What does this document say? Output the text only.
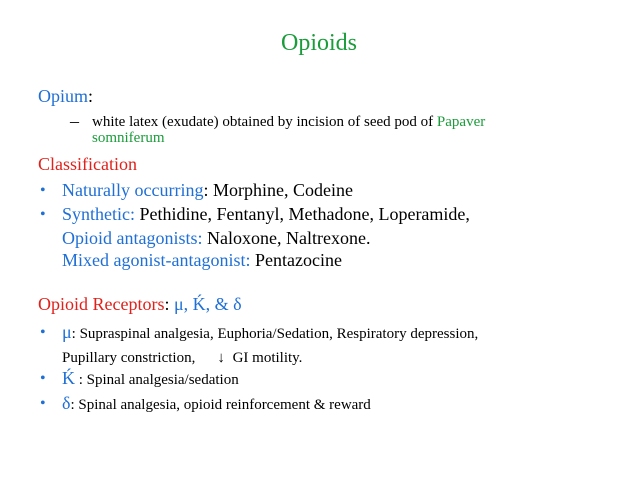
Opioids
Opium:
– white latex (exudate) obtained by incision of seed pod of Papaver
somniferum
Classification
• Naturally occurring: Morphine, Codeine
• Synthetic: Pethidine, Fentanyl, Methadone, Loperamide,
Opioid antagonists: Naloxone, Naltrexone.
Mixed agonist-antagonist: Pentazocine
Opioid Receptors: μ, Ḱ, & δ
• μ: Supraspinal analgesia, Euphoria/Sedation, Respiratory depression,
Pupillary constriction, ↓ GI motility.
• Ḱ : Spinal analgesia/sedation
• δ: Spinal analgesia, opioid reinforcement & reward
